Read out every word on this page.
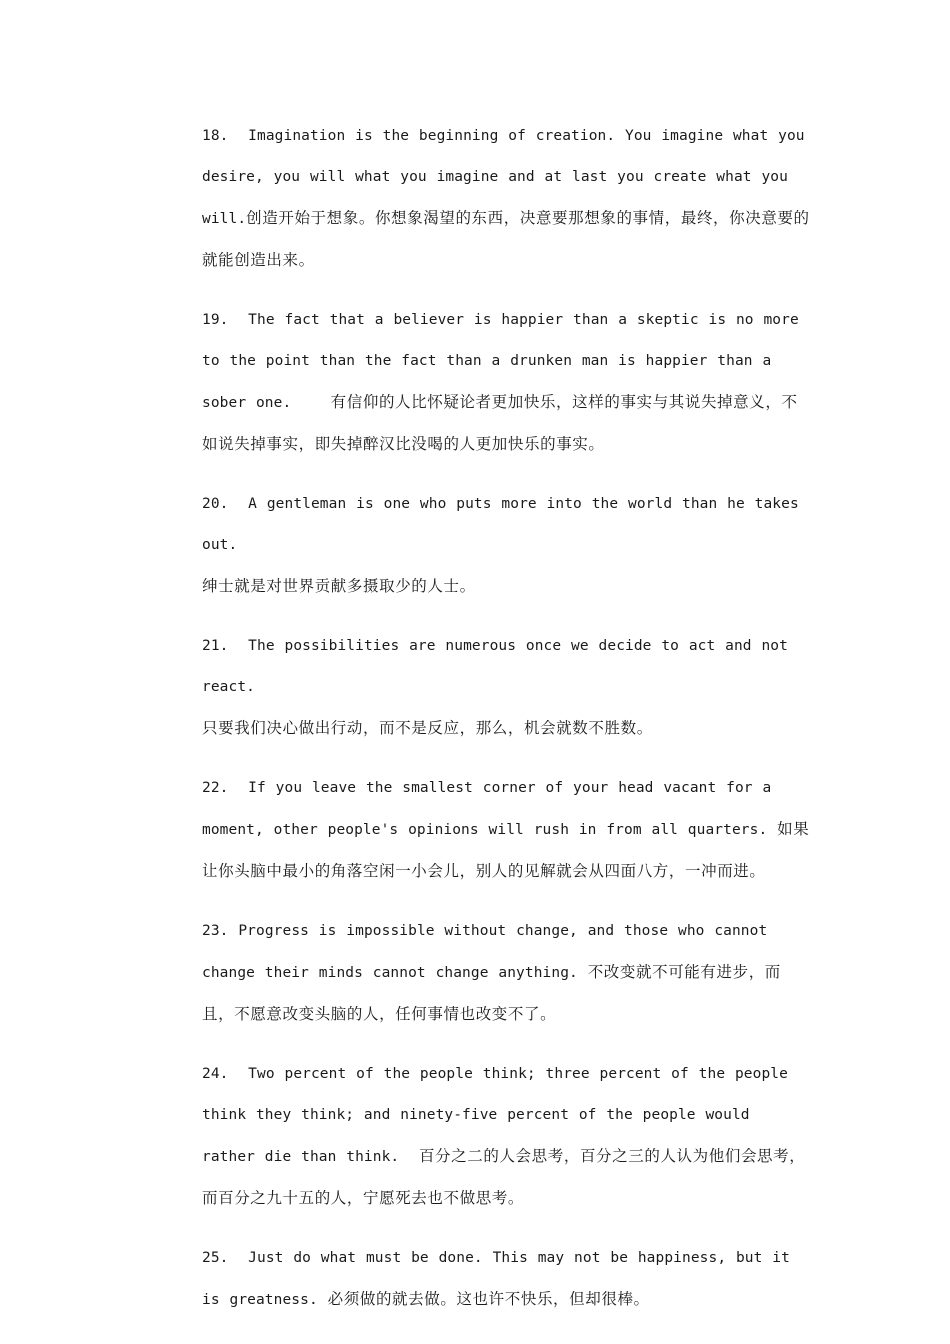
18. Imagination is the beginning of creation. You imagine what you desire, you will what you imagine and at last you create what you will.创造开始于想象。你想象渴望的东西，决意要那想象的事情，最终，你决意要的就能创造出来。

19. The fact that a believer is happier than a skeptic is no more to the point than the fact than a drunken man is happier than a sober one.	有信仰的人比怀疑论者更加快乐，这样的事实与其说失掉意义，不如说失掉事实，即失掉醉汉比没喝的人更加快乐的事实。

20. A gentleman is one who puts more into the world than he takes out.
绅士就是对世界贡献多摄取少的人士。

21. The possibilities are numerous once we decide to act and not react.
只要我们决心做出行动，而不是反应，那么，机会就数不胜数。

22. If you leave the smallest corner of your head vacant for a moment, other people's opinions will rush in from all quarters. 如果让你头脑中最小的角落空闲一小会儿，别人的见解就会从四面八方，一冲而进。

23. Progress is impossible without change, and those who cannot change their minds cannot change anything. 不改变就不可能有进步，而且，不愿意改变头脑的人，任何事情也改变不了。

24. Two percent of the people think; three percent of the people think they think; and ninety-five percent of the people would rather die than think. 百分之二的人会思考，百分之三的人认为他们会思考，而百分之九十五的人，宁愿死去也不做思考。

25. Just do what must be done. This may not be happiness, but it is greatness. 必须做的就去做。这也许不快乐，但却很棒。
